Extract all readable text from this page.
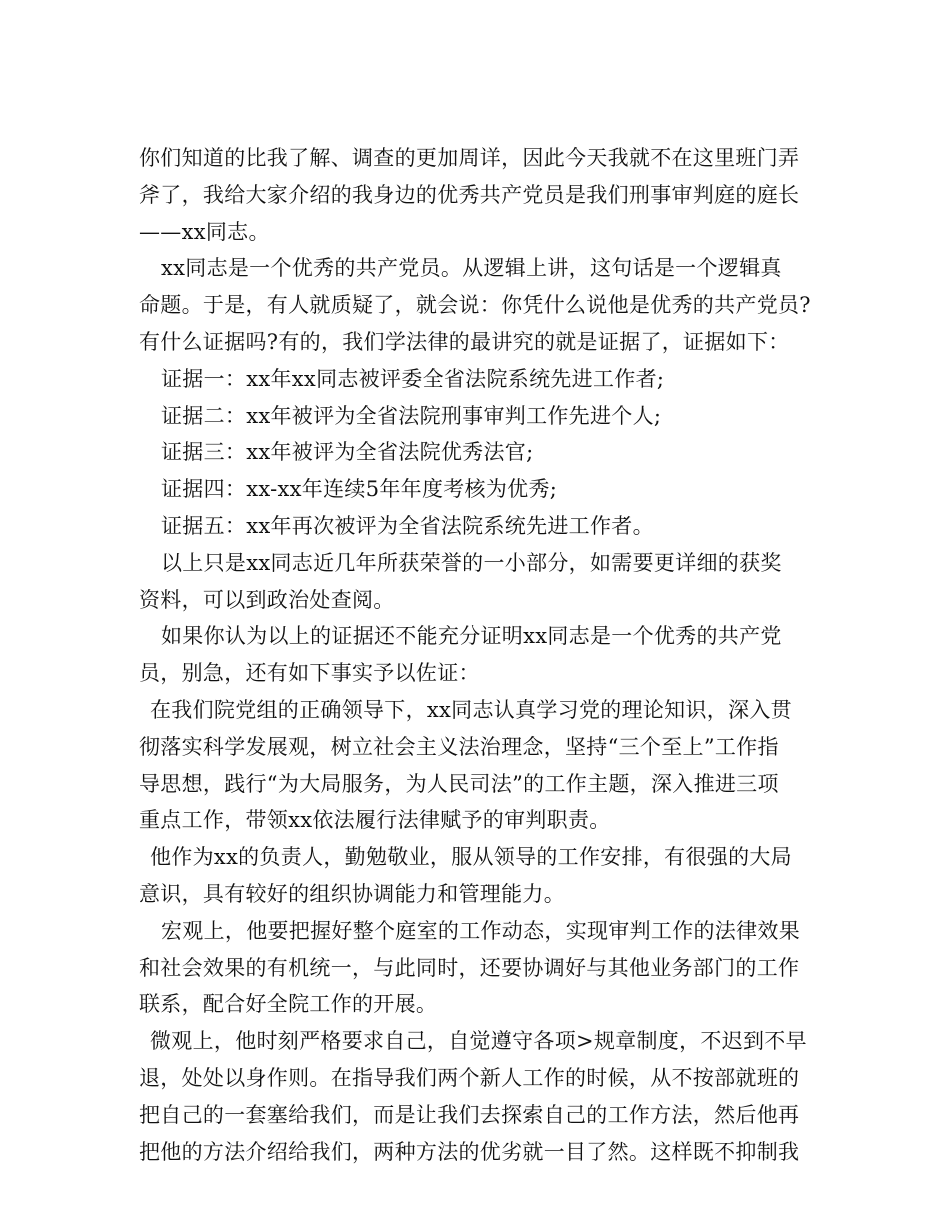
你们知道的比我了解、调查的更加周详，因此今天我就不在这里班门弄
斧了，我给大家介绍的我身边的优秀共产党员是我们刑事审判庭的庭长
——xx同志。
xx同志是一个优秀的共产党员。从逻辑上讲，这句话是一个逻辑真
命题。于是，有人就质疑了，就会说：你凭什么说他是优秀的共产党员?
有什么证据吗?有的，我们学法律的最讲究的就是证据了，证据如下：
证据一：xx年xx同志被评委全省法院系统先进工作者;
证据二：xx年被评为全省法院刑事审判工作先进个人;
证据三：xx年被评为全省法院优秀法官;
证据四：xx-xx年连续5年年度考核为优秀;
证据五：xx年再次被评为全省法院系统先进工作者。
以上只是xx同志近几年所获荣誉的一小部分，如需要更详细的获奖
资料，可以到政治处查阅。
如果你认为以上的证据还不能充分证明xx同志是一个优秀的共产党
员，别急，还有如下事实予以佐证：
在我们院党组的正确领导下，xx同志认真学习党的理论知识，深入贯
彻落实科学发展观，树立社会主义法治理念，坚持“三个至上”工作指
导思想，践行“为大局服务，为人民司法”的工作主题，深入推进三项
重点工作，带领xx依法履行法律赋予的审判职责。
他作为xx的负责人，勤勉敬业，服从领导的工作安排，有很强的大局
意识，具有较好的组织协调能力和管理能力。
宏观上，他要把握好整个庭室的工作动态，实现审判工作的法律效果
和社会效果的有机统一，与此同时，还要协调好与其他业务部门的工作
联系，配合好全院工作的开展。
微观上，他时刻严格要求自己，自觉遵守各项>规章制度，不迟到不早
退，处处以身作则。在指导我们两个新人工作的时候，从不按部就班的
把自己的一套塞给我们，而是让我们去探索自己的工作方法，然后他再
把他的方法介绍给我们，两种方法的优劣就一目了然。这样既不抑制我
